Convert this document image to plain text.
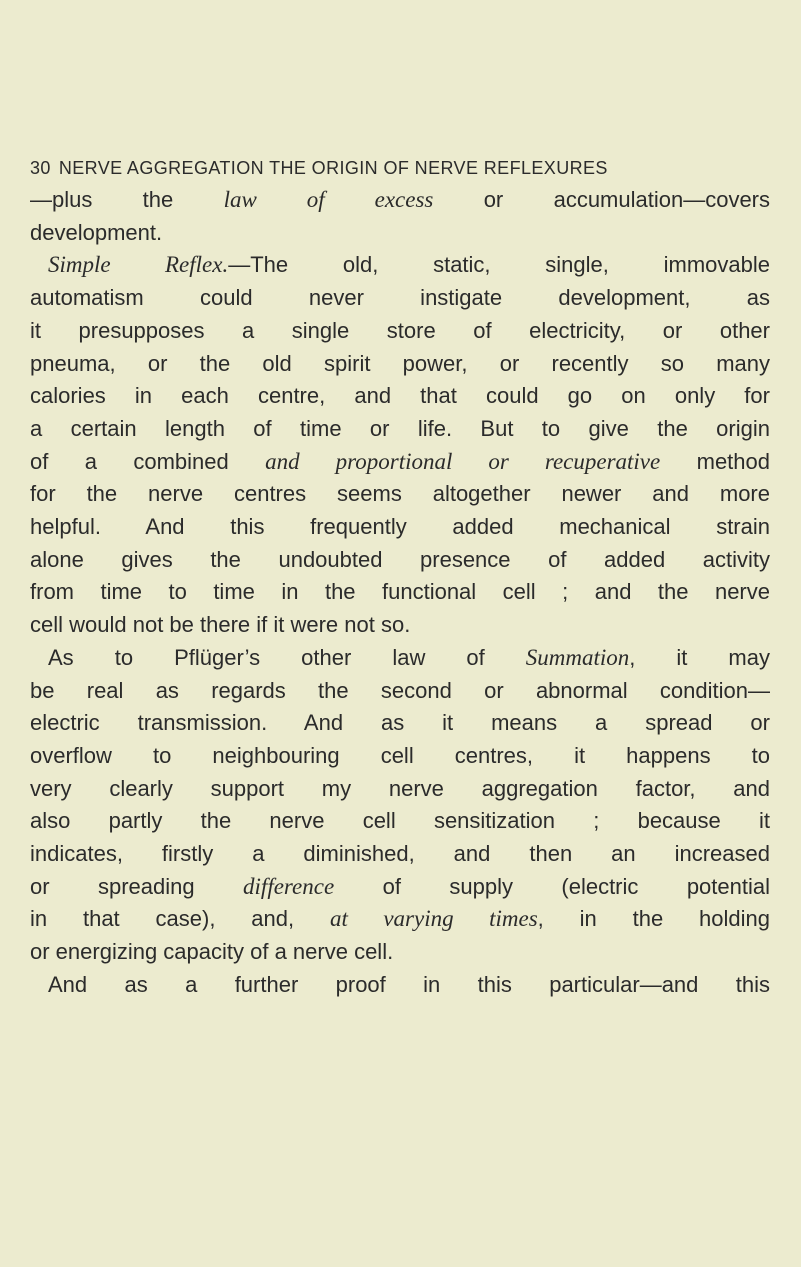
30 NERVE AGGREGATION THE ORIGIN OF NERVE REFLEXURES
—plus the law of excess or accumulation—covers
development.
Simple Reflex.—The old, static, single, immovable
automatism could never instigate development, as
it presupposes a single store of electricity, or other
pneuma, or the old spirit power, or recently so many
calories in each centre, and that could go on only for
a certain length of time or life. But to give the origin
of a combined and proportional or recuperative method
for the nerve centres seems altogether newer and more
helpful. And this frequently added mechanical strain
alone gives the undoubted presence of added activity
from time to time in the functional cell ; and the nerve
cell would not be there if it were not so.
As to Pflüger’s other law of Summation, it may
be real as regards the second or abnormal condition—
electric transmission. And as it means a spread or
overflow to neighbouring cell centres, it happens to
very clearly support my nerve aggregation factor, and
also partly the nerve cell sensitization ; because it
indicates, firstly a diminished, and then an increased
or spreading difference of supply (electric potential
in that case), and, at varying times, in the holding
or energizing capacity of a nerve cell.
And as a further proof in this particular—and this
